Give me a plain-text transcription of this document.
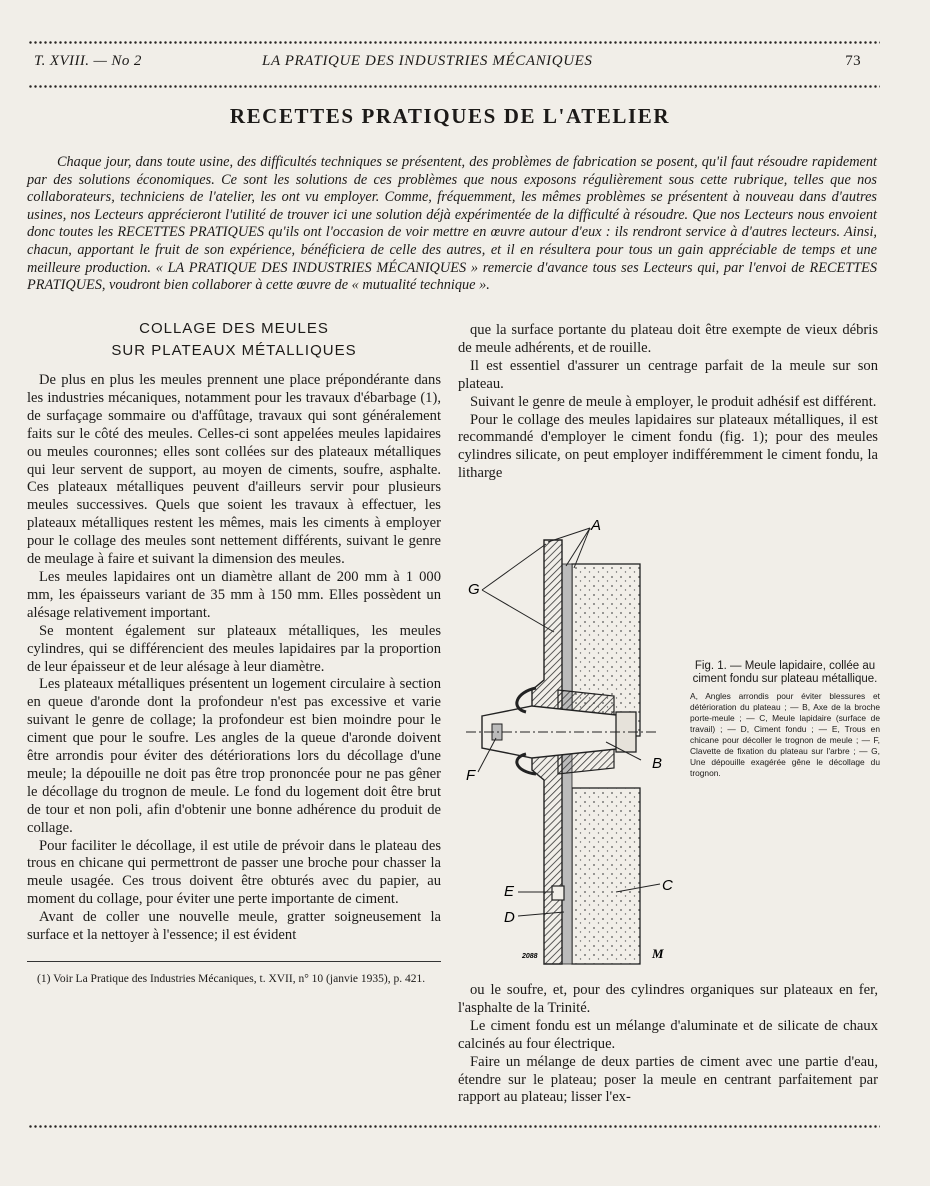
T. XVIII. — No 2	LA PRATIQUE DES INDUSTRIES MÉCANIQUES	73
RECETTES PRATIQUES DE L'ATELIER

Chaque jour, dans toute usine, des difficultés techniques se présentent, des problèmes de fabrication se posent, qu'il faut résoudre rapidement par des solutions économiques. Ce sont les solutions de ces problèmes que nous exposons régulièrement sous cette rubrique, telles que nos collaborateurs, techniciens de l'atelier, les ont vu employer. Comme, fréquemment, les mêmes problèmes se présentent à nouveau dans d'autres usines, nos Lecteurs apprécieront l'utilité de trouver ici une solution déjà expérimentée de la difficulté à résoudre. Que nos Lecteurs nous envoient donc toutes les RECETTES PRATIQUES qu'ils ont l'occasion de voir mettre en œuvre autour d'eux : ils rendront service à d'autres lecteurs. Ainsi, chacun, apportant le fruit de son expérience, bénéficiera de celle des autres, et il en résultera pour tous un gain appréciable de temps et une meilleure production. « LA PRATIQUE DES INDUSTRIES MÉCANIQUES » remercie d'avance tous ses Lecteurs qui, par l'envoi de RECETTES PRATIQUES, voudront bien collaborer à cette œuvre de « mutualité technique ».

COLLAGE DES MEULES
SUR PLATEAUX MÉTALLIQUES

De plus en plus les meules prennent une place prépondérante dans les industries mécaniques, notamment pour les travaux d'ébarbage (1), de surfaçage sommaire ou d'affûtage, travaux qui sont généralement faits sur le côté des meules. Celles-ci sont appelées meules lapidaires ou meules couronnes; elles sont collées sur des plateaux métalliques qui leur servent de support, au moyen de ciments, soufre, asphalte. Ces plateaux métalliques peuvent d'ailleurs servir pour plusieurs meules successives. Quels que soient les travaux à effectuer, les plateaux métalliques restent les mêmes, mais les ciments à employer pour le collage des meules sont nettement différents, suivant le genre de meulage à faire et suivant la dimension des meules.

Les meules lapidaires ont un diamètre allant de 200 mm à 1 000 mm, les épaisseurs variant de 35 mm à 150 mm. Elles possèdent un alésage relativement important.

Se montent également sur plateaux métalliques, les meules cylindres, qui se différencient des meules lapidaires par la proportion de leur épaisseur et de leur alésage à leur diamètre.

Les plateaux métalliques présentent un logement circulaire à section en queue d'aronde dont la profondeur n'est pas excessive et varie suivant le genre de collage; la profondeur est bien moindre pour le ciment que pour le soufre. Les angles de la queue d'aronde doivent être arrondis pour éviter des détériorations lors du décollage d'une meule; la dépouille ne doit pas être trop prononcée pour ne pas gêner le décollage du trognon de meule. Le fond du logement doit être brut de tour et non poli, afin d'obtenir une bonne adhérence du produit de collage.

Pour faciliter le décollage, il est utile de prévoir dans le plateau des trous en chicane qui permettront de passer une broche pour chasser la meule usagée. Ces trous doivent être obturés avec du papier, au moment du collage, pour éviter une perte importante de ciment.

Avant de coller une nouvelle meule, gratter soigneusement la surface et la nettoyer à l'essence; il est évident

(1) Voir La Pratique des Industries Mécaniques, t. XVII, n° 10 (janvie 1935), p. 421.

que la surface portante du plateau doit être exempte de vieux débris de meule adhérents, et de rouille.

Il est essentiel d'assurer un centrage parfait de la meule sur son plateau.

Suivant le genre de meule à employer, le produit adhésif est différent.

Pour le collage des meules lapidaires sur plateaux métalliques, il est recommandé d'employer le ciment fondu (fig. 1); pour des meules cylindres silicate, on peut employer indifféremment le ciment fondu, la litharge

A
G
B
F
C
E
D
2088	M

Fig. 1. — Meule lapidaire, collée au ciment fondu sur plateau métallique.

A, Angles arrondis pour éviter blessures et détérioration du plateau ; — B, Axe de la broche porte-meule ; — C, Meule lapidaire (surface de travail) ; — D, Ciment fondu ; — E, Trous en chicane pour décoller le trognon de meule ; — F, Clavette de fixation du plateau sur l'arbre ; — G, Une dépouille exagérée gêne le décollage du trognon.

ou le soufre, et, pour des cylindres organiques sur plateaux en fer, l'asphalte de la Trinité.

Le ciment fondu est un mélange d'aluminate et de silicate de chaux calcinés au four électrique.

Faire un mélange de deux parties de ciment avec une partie d'eau, étendre sur le plateau; poser la meule en centrant parfaitement par rapport au plateau; lisser l'ex-
